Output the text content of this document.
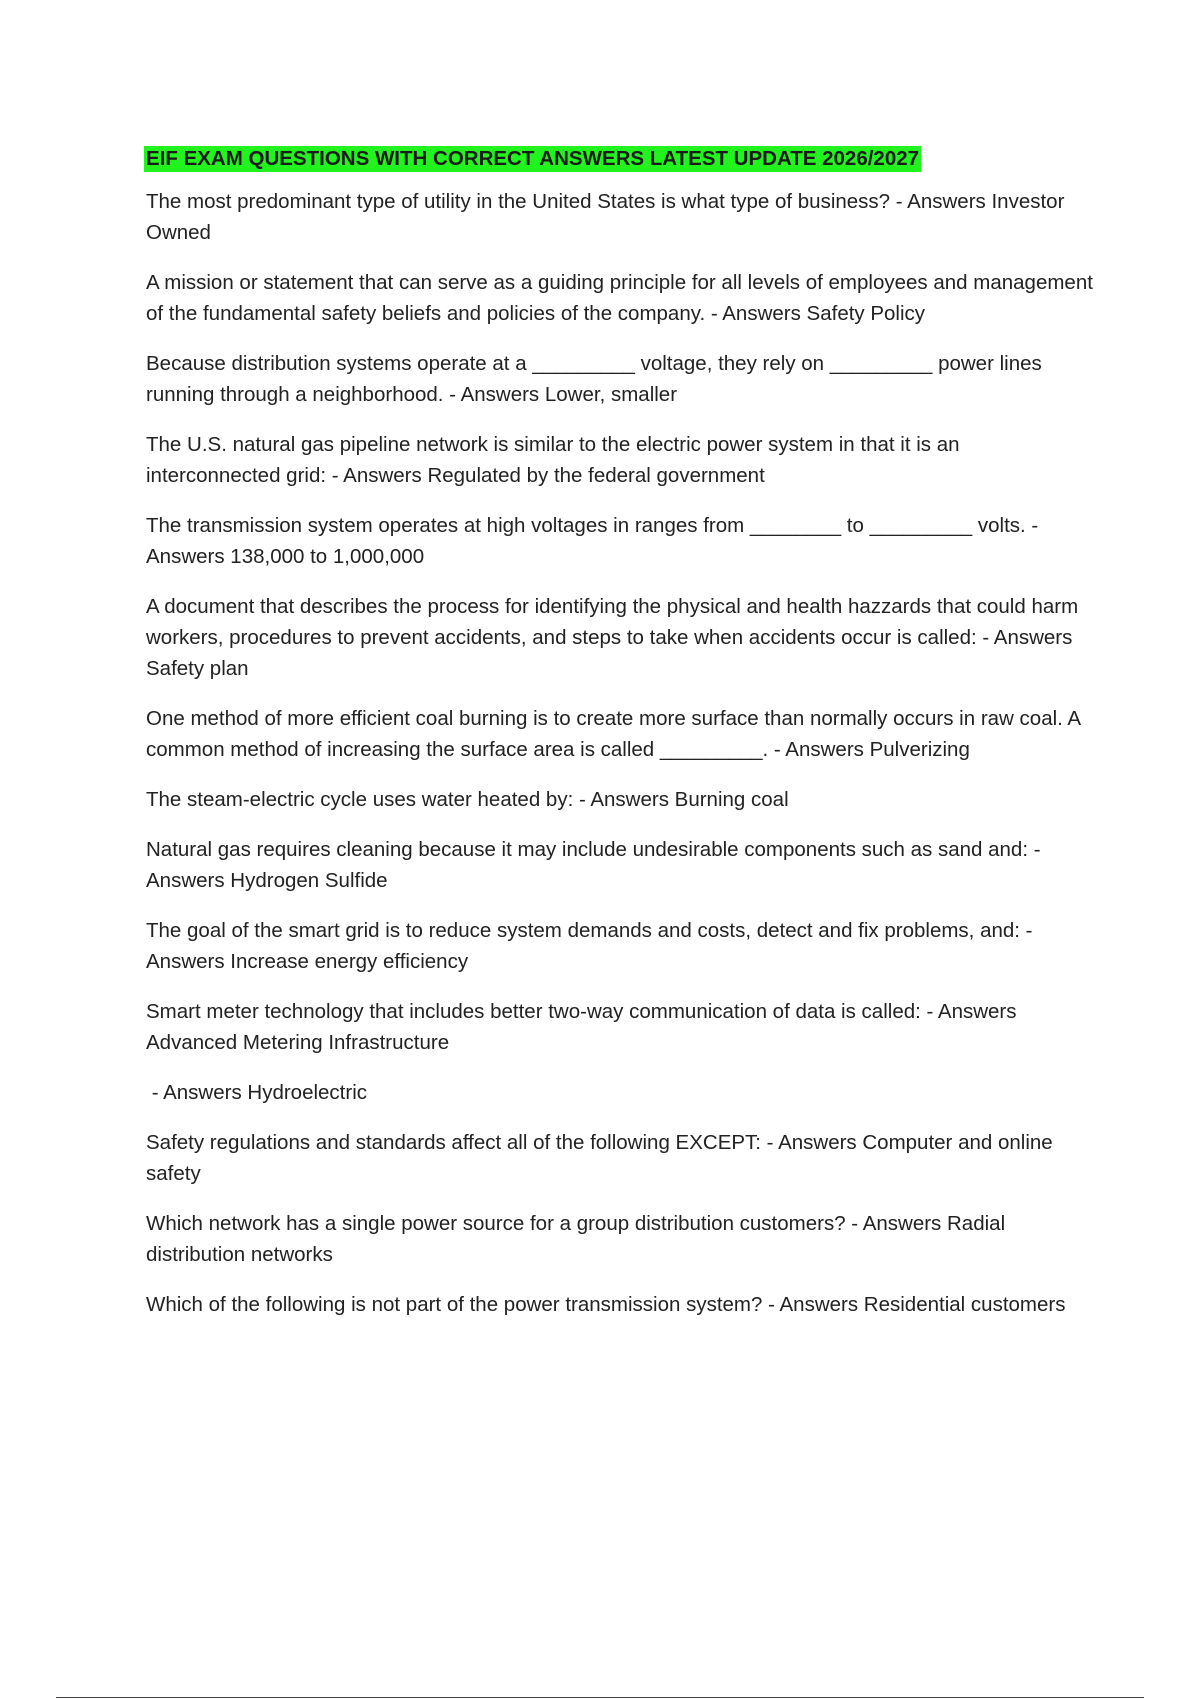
EIF EXAM QUESTIONS WITH CORRECT ANSWERS LATEST UPDATE 2026/2027
The most predominant type of utility in the United States is what type of business? - Answers Investor Owned
A mission or statement that can serve as a guiding principle for all levels of employees and management of the fundamental safety beliefs and policies of the company. - Answers Safety Policy
Because distribution systems operate at a _________ voltage, they rely on _________ power lines running through a neighborhood. - Answers Lower, smaller
The U.S. natural gas pipeline network is similar to the electric power system in that it is an interconnected grid: - Answers Regulated by the federal government
The transmission system operates at high voltages in ranges from ________ to _________ volts. - Answers 138,000 to 1,000,000
A document that describes the process for identifying the physical and health hazzards that could harm workers, procedures to prevent accidents, and steps to take when accidents occur is called: - Answers Safety plan
One method of more efficient coal burning is to create more surface than normally occurs in raw coal. A common method of increasing the surface area is called _________. - Answers Pulverizing
The steam-electric cycle uses water heated by: - Answers Burning coal
Natural gas requires cleaning because it may include undesirable components such as sand and: - Answers Hydrogen Sulfide
The goal of the smart grid is to reduce system demands and costs, detect and fix problems, and: - Answers Increase energy efficiency
Smart meter technology that includes better two-way communication of data is called: - Answers Advanced Metering Infrastructure
- Answers Hydroelectric
Safety regulations and standards affect all of the following EXCEPT: - Answers Computer and online safety
Which network has a single power source for a group distribution customers? - Answers Radial distribution networks
Which of the following is not part of the power transmission system? - Answers Residential customers
